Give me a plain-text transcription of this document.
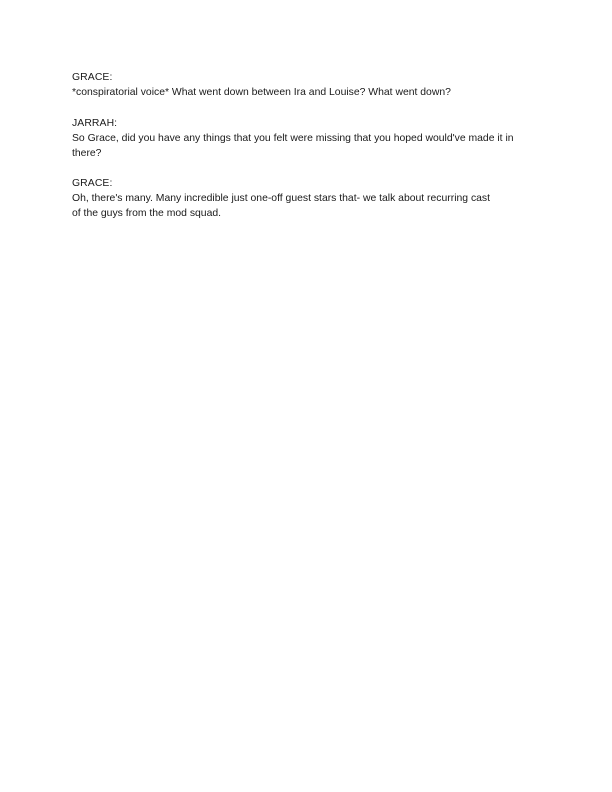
GRACE:

*conspiratorial voice* What went down between Ira and Louise? What went down?

JARRAH:

So Grace, did you have any things that you felt were missing that you hoped would've made it in

there?

GRACE:

Oh, there's many. Many incredible just one-off guest stars that- we talk about recurring cast

of the guys from the mod squad.
